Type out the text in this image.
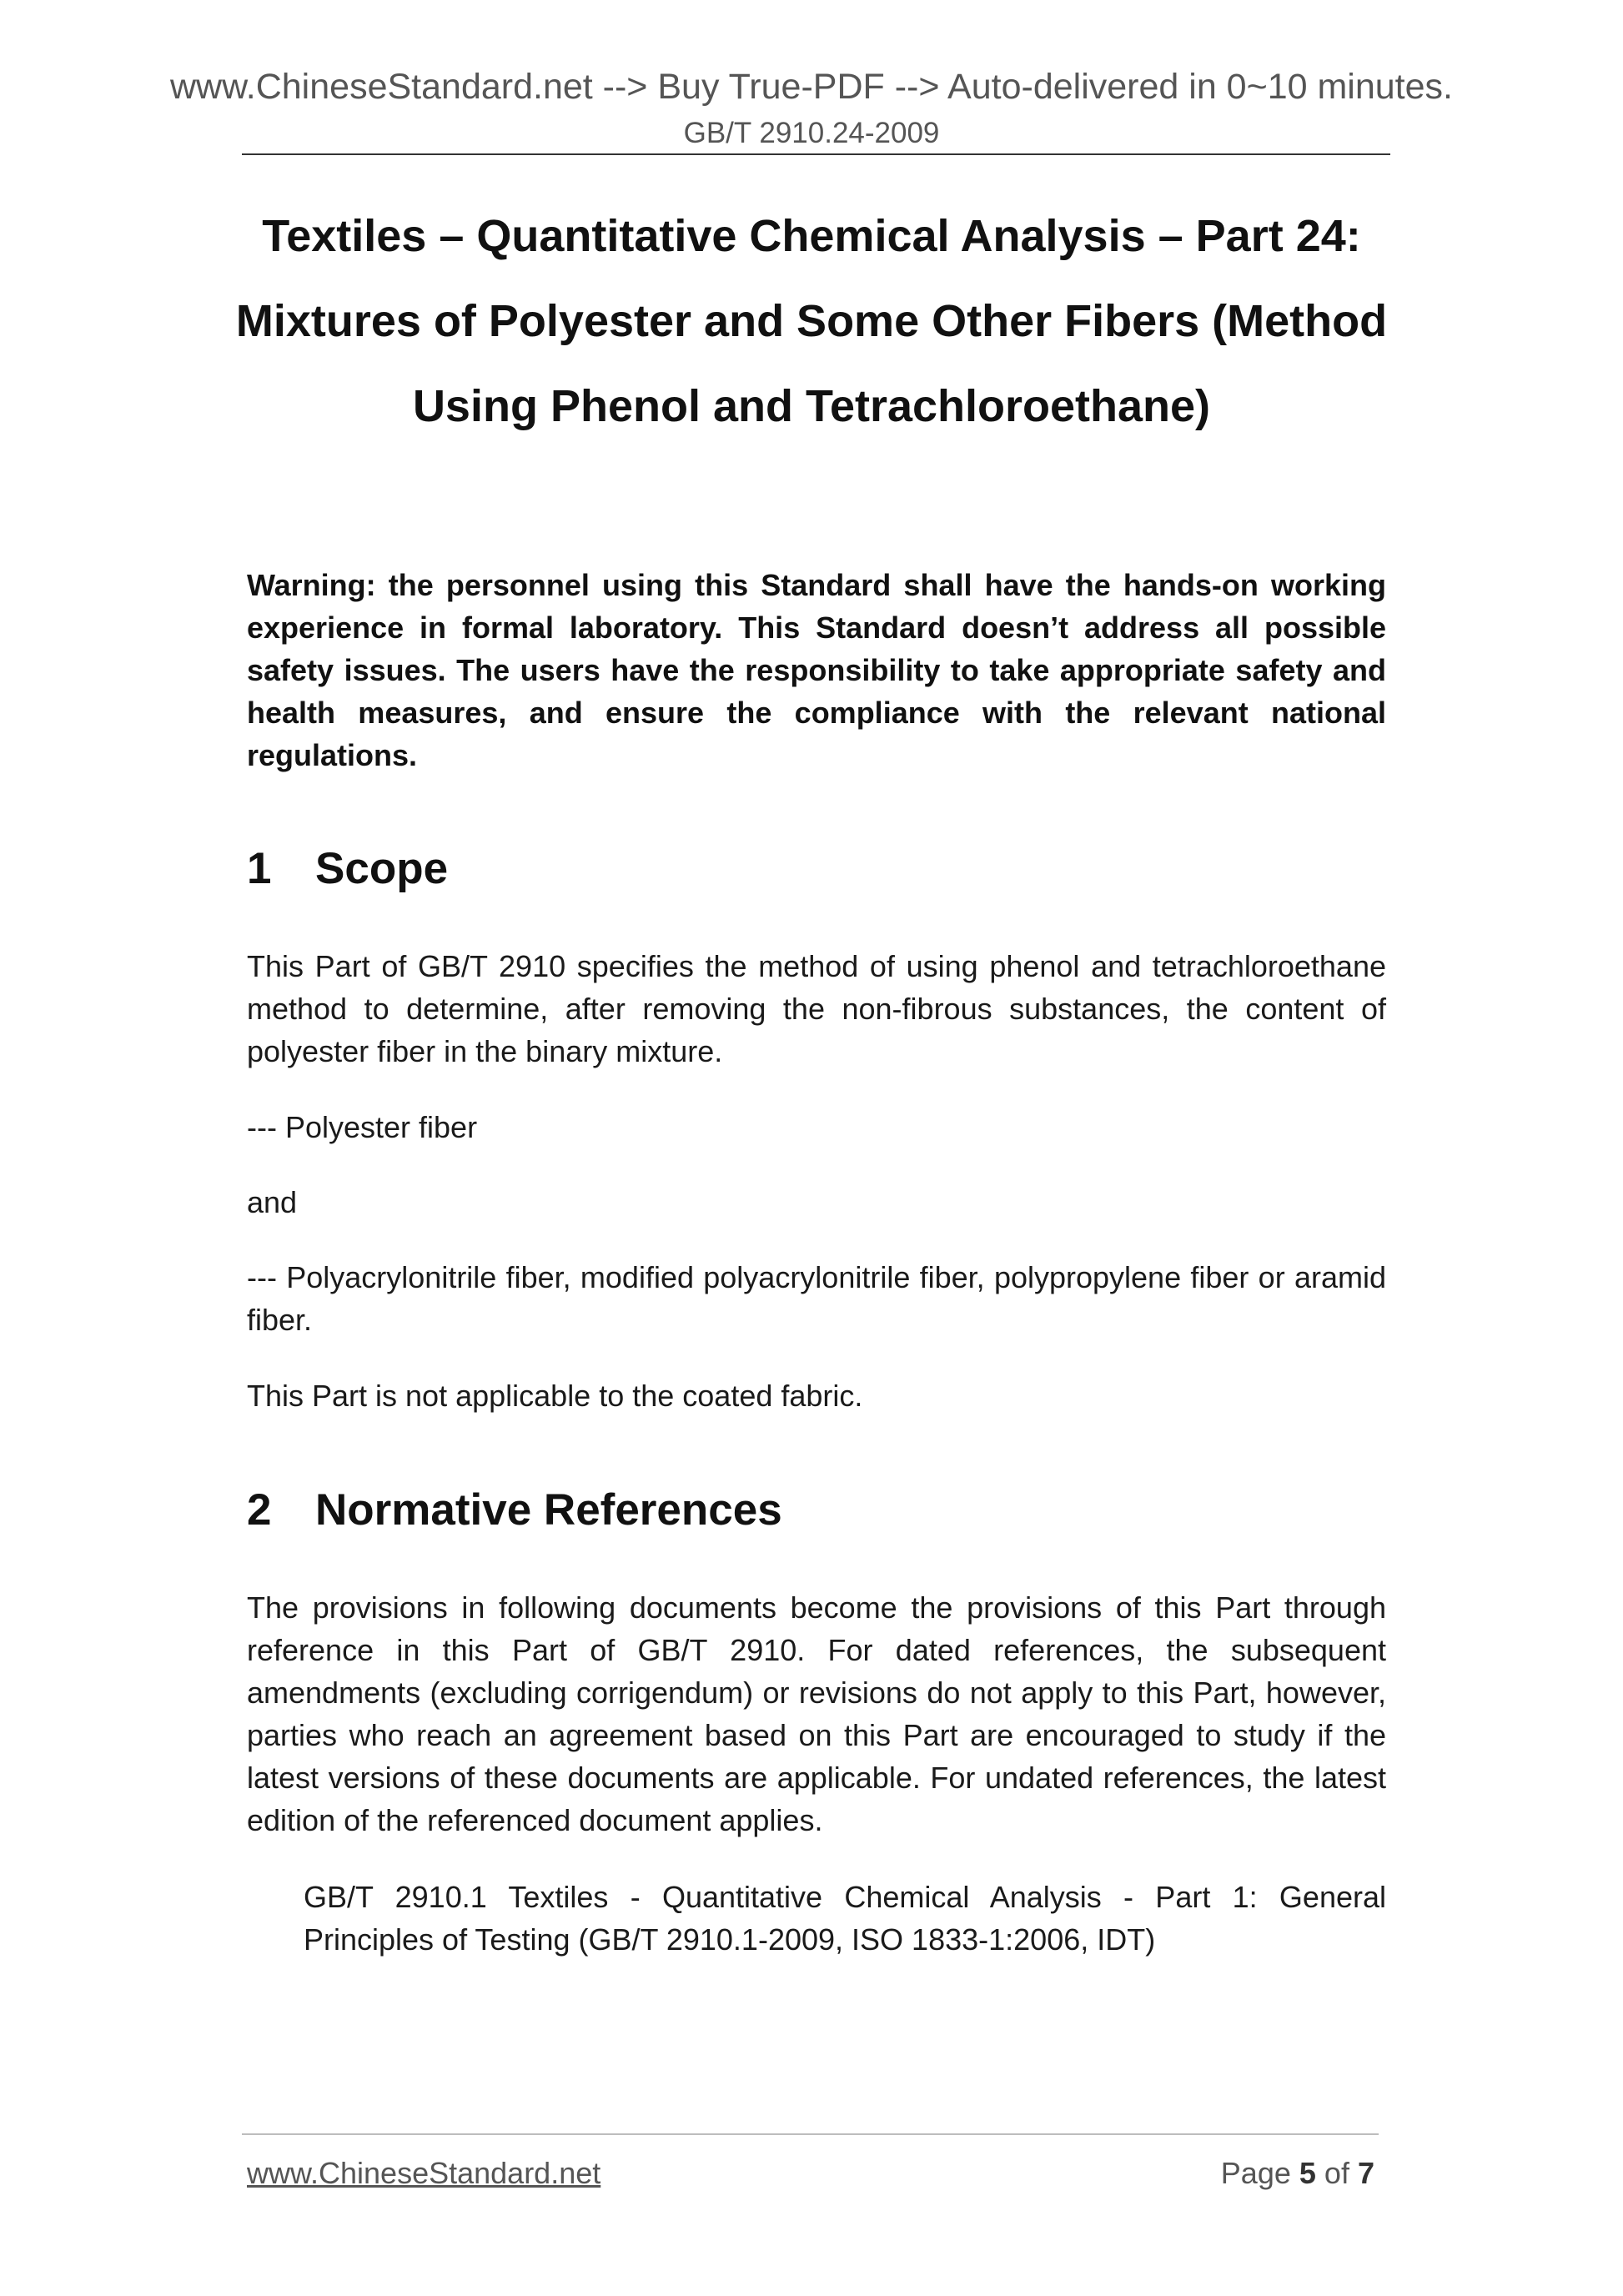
www.ChineseStandard.net --> Buy True-PDF --> Auto-delivered in 0~10 minutes.
GB/T 2910.24-2009
Textiles – Quantitative Chemical Analysis – Part 24:
Mixtures of Polyester and Some Other Fibers (Method
Using Phenol and Tetrachloroethane)

Warning: the personnel using this Standard shall have the hands-on working experience in formal laboratory. This Standard doesn’t address all possible safety issues. The users have the responsibility to take appropriate safety and health measures, and ensure the compliance with the relevant national regulations.

1 Scope

This Part of GB/T 2910 specifies the method of using phenol and tetrachloroethane method to determine, after removing the non-fibrous substances, the content of polyester fiber in the binary mixture.

--- Polyester fiber

and

--- Polyacrylonitrile fiber, modified polyacrylonitrile fiber, polypropylene fiber or aramid fiber.

This Part is not applicable to the coated fabric.

2 Normative References

The provisions in following documents become the provisions of this Part through reference in this Part of GB/T 2910. For dated references, the subsequent amendments (excluding corrigendum) or revisions do not apply to this Part, however, parties who reach an agreement based on this Part are encouraged to study if the latest versions of these documents are applicable. For undated references, the latest edition of the referenced document applies.

GB/T 2910.1 Textiles - Quantitative Chemical Analysis - Part 1: General Principles of Testing (GB/T 2910.1-2009, ISO 1833-1:2006, IDT)

www.ChineseStandard.net	Page 5 of 7
